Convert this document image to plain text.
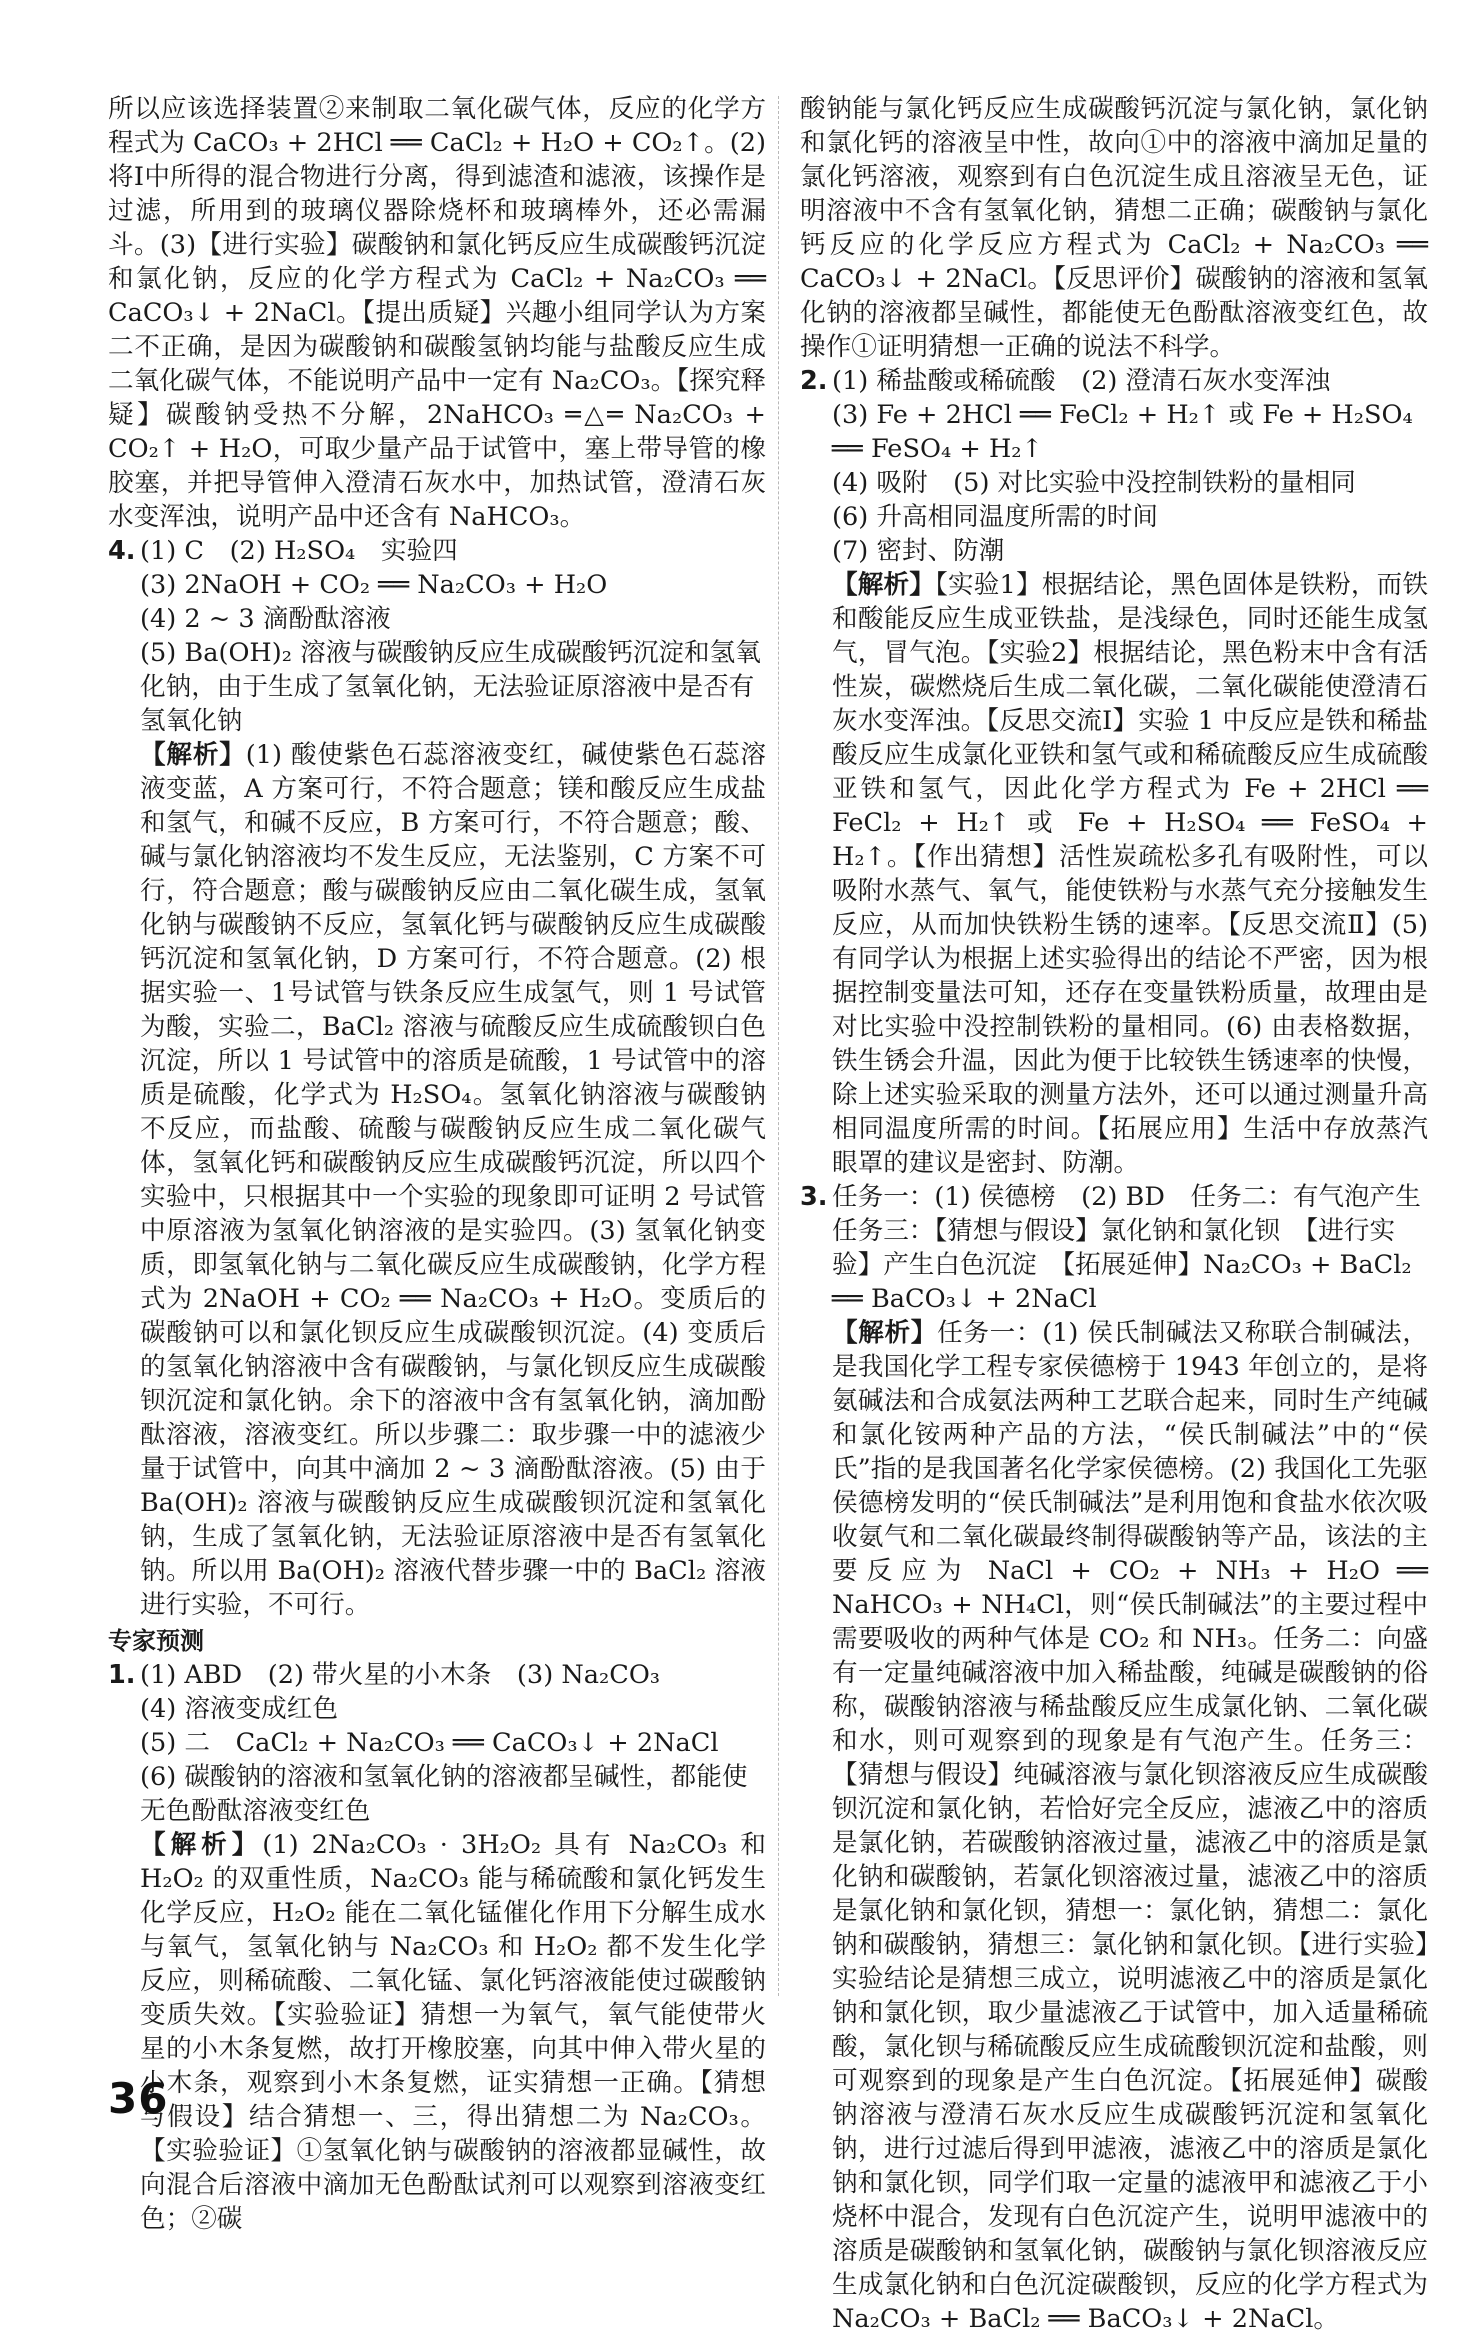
所以应该选择装置②来制取二氧化碳气体，反应的化学方程式为 CaCO₃ + 2HCl ══ CaCl₂ + H₂O + CO₂↑。(2) 将Ⅰ中所得的混合物进行分离，得到滤渣和滤液，该操作是过滤，所用到的玻璃仪器除烧杯和玻璃棒外，还必需漏斗。(3)【进行实验】碳酸钠和氯化钙反应生成碳酸钙沉淀和氯化钠，反应的化学方程式为 CaCl₂ + Na₂CO₃ ══ CaCO₃↓ + 2NaCl。【提出质疑】兴趣小组同学认为方案二不正确，是因为碳酸钠和碳酸氢钠均能与盐酸反应生成二氧化碳气体，不能说明产品中一定有 Na₂CO₃。【探究释疑】碳酸钠受热不分解，2NaHCO₃ ═△═ Na₂CO₃ + CO₂↑ + H₂O，可取少量产品于试管中，塞上带导管的橡胶塞，并把导管伸入澄清石灰水中，加热试管，澄清石灰水变浑浊，说明产品中还含有 NaHCO₃。

4. (1) C　(2) H₂SO₄　实验四

(3) 2NaOH + CO₂ ══ Na₂CO₃ + H₂O

(4) 2 ~ 3 滴酚酞溶液

(5) Ba(OH)₂ 溶液与碳酸钠反应生成碳酸钙沉淀和氢氧化钠，由于生成了氢氧化钠，无法验证原溶液中是否有氢氧化钠

【解析】(1) 酸使紫色石蕊溶液变红，碱使紫色石蕊溶液变蓝，A 方案可行，不符合题意；镁和酸反应生成盐和氢气，和碱不反应，B 方案可行，不符合题意；酸、碱与氯化钠溶液均不发生反应，无法鉴别，C 方案不可行，符合题意；酸与碳酸钠反应由二氧化碳生成，氢氧化钠与碳酸钠不反应，氢氧化钙与碳酸钠反应生成碳酸钙沉淀和氢氧化钠，D 方案可行，不符合题意。(2) 根据实验一、1号试管与铁条反应生成氢气，则 1 号试管为酸，实验二，BaCl₂ 溶液与硫酸反应生成硫酸钡白色沉淀，所以 1 号试管中的溶质是硫酸，1 号试管中的溶质是硫酸，化学式为 H₂SO₄。氢氧化钠溶液与碳酸钠不反应，而盐酸、硫酸与碳酸钠反应生成二氧化碳气体，氢氧化钙和碳酸钠反应生成碳酸钙沉淀，所以四个实验中，只根据其中一个实验的现象即可证明 2 号试管中原溶液为氢氧化钠溶液的是实验四。(3) 氢氧化钠变质，即氢氧化钠与二氧化碳反应生成碳酸钠，化学方程式为 2NaOH + CO₂ ══ Na₂CO₃ + H₂O。变质后的碳酸钠可以和氯化钡反应生成碳酸钡沉淀。(4) 变质后的氢氧化钠溶液中含有碳酸钠，与氯化钡反应生成碳酸钡沉淀和氯化钠。余下的溶液中含有氢氧化钠，滴加酚酞溶液，溶液变红。所以步骤二：取步骤一中的滤液少量于试管中，向其中滴加 2 ~ 3 滴酚酞溶液。(5) 由于 Ba(OH)₂ 溶液与碳酸钠反应生成碳酸钡沉淀和氢氧化钠，生成了氢氧化钠，无法验证原溶液中是否有氢氧化钠。所以用 Ba(OH)₂ 溶液代替步骤一中的 BaCl₂ 溶液进行实验，不可行。

专家预测

1. (1) ABD　(2) 带火星的小木条　(3) Na₂CO₃

(4) 溶液变成红色

(5) 二　CaCl₂ + Na₂CO₃ ══ CaCO₃↓ + 2NaCl

(6) 碳酸钠的溶液和氢氧化钠的溶液都呈碱性，都能使无色酚酞溶液变红色

【解析】(1) 2Na₂CO₃ · 3H₂O₂ 具有 Na₂CO₃ 和 H₂O₂ 的双重性质，Na₂CO₃ 能与稀硫酸和氯化钙发生化学反应，H₂O₂ 能在二氧化锰催化作用下分解生成水与氧气，氢氧化钠与 Na₂CO₃ 和 H₂O₂ 都不发生化学反应，则稀硫酸、二氧化锰、氯化钙溶液能使过碳酸钠变质失效。【实验验证】猜想一为氧气，氧气能使带火星的小木条复燃，故打开橡胶塞，向其中伸入带火星的小木条，观察到小木条复燃，证实猜想一正确。【猜想与假设】结合猜想一、三，得出猜想二为 Na₂CO₃。【实验验证】①氢氧化钠与碳酸钠的溶液都显碱性，故向混合后溶液中滴加无色酚酞试剂可以观察到溶液变红色；②碳

酸钠能与氯化钙反应生成碳酸钙沉淀与氯化钠，氯化钠和氯化钙的溶液呈中性，故向①中的溶液中滴加足量的氯化钙溶液，观察到有白色沉淀生成且溶液呈无色，证明溶液中不含有氢氧化钠，猜想二正确；碳酸钠与氯化钙反应的化学反应方程式为 CaCl₂ + Na₂CO₃ ══ CaCO₃↓ + 2NaCl。【反思评价】碳酸钠的溶液和氢氧化钠的溶液都呈碱性，都能使无色酚酞溶液变红色，故操作①证明猜想一正确的说法不科学。

2. (1) 稀盐酸或稀硫酸　(2) 澄清石灰水变浑浊

(3) Fe + 2HCl ══ FeCl₂ + H₂↑ 或 Fe + H₂SO₄ ══ FeSO₄ + H₂↑

(4) 吸附　(5) 对比实验中没控制铁粉的量相同

(6) 升高相同温度所需的时间

(7) 密封、防潮

【解析】【实验1】根据结论，黑色固体是铁粉，而铁和酸能反应生成亚铁盐，是浅绿色，同时还能生成氢气，冒气泡。【实验2】根据结论，黑色粉末中含有活性炭，碳燃烧后生成二氧化碳，二氧化碳能使澄清石灰水变浑浊。【反思交流Ⅰ】实验 1 中反应是铁和稀盐酸反应生成氯化亚铁和氢气或和稀硫酸反应生成硫酸亚铁和氢气，因此化学方程式为 Fe + 2HCl ══ FeCl₂ + H₂↑ 或 Fe + H₂SO₄ ══ FeSO₄ + H₂↑。【作出猜想】活性炭疏松多孔有吸附性，可以吸附水蒸气、氧气，能使铁粉与水蒸气充分接触发生反应，从而加快铁粉生锈的速率。【反思交流Ⅱ】(5) 有同学认为根据上述实验得出的结论不严密，因为根据控制变量法可知，还存在变量铁粉质量，故理由是对比实验中没控制铁粉的量相同。(6) 由表格数据，铁生锈会升温，因此为便于比较铁生锈速率的快慢，除上述实验采取的测量方法外，还可以通过测量升高相同温度所需的时间。【拓展应用】生活中存放蒸汽眼罩的建议是密封、防潮。

3. 任务一：(1) 侯德榜　(2) BD　任务二：有气泡产生　任务三：【猜想与假设】氯化钠和氯化钡　【进行实验】产生白色沉淀　【拓展延伸】Na₂CO₃ + BaCl₂ ══ BaCO₃↓ + 2NaCl

【解析】任务一：(1) 侯氏制碱法又称联合制碱法，是我国化学工程专家侯德榜于 1943 年创立的，是将氨碱法和合成氨法两种工艺联合起来，同时生产纯碱和氯化铵两种产品的方法，“侯氏制碱法”中的“侯氏”指的是我国著名化学家侯德榜。(2) 我国化工先驱侯德榜发明的“侯氏制碱法”是利用饱和食盐水依次吸收氨气和二氧化碳最终制得碳酸钠等产品，该法的主要反应为 NaCl + CO₂ + NH₃ + H₂O ══ NaHCO₃ + NH₄Cl，则“侯氏制碱法”的主要过程中需要吸收的两种气体是 CO₂ 和 NH₃。任务二：向盛有一定量纯碱溶液中加入稀盐酸，纯碱是碳酸钠的俗称，碳酸钠溶液与稀盐酸反应生成氯化钠、二氧化碳和水，则可观察到的现象是有气泡产生。任务三：【猜想与假设】纯碱溶液与氯化钡溶液反应生成碳酸钡沉淀和氯化钠，若恰好完全反应，滤液乙中的溶质是氯化钠，若碳酸钠溶液过量，滤液乙中的溶质是氯化钠和碳酸钠，若氯化钡溶液过量，滤液乙中的溶质是氯化钠和氯化钡，猜想一：氯化钠，猜想二：氯化钠和碳酸钠，猜想三：氯化钠和氯化钡。【进行实验】实验结论是猜想三成立，说明滤液乙中的溶质是氯化钠和氯化钡，取少量滤液乙于试管中，加入适量稀硫酸，氯化钡与稀硫酸反应生成硫酸钡沉淀和盐酸，则可观察到的现象是产生白色沉淀。【拓展延伸】碳酸钠溶液与澄清石灰水反应生成碳酸钙沉淀和氢氧化钠，进行过滤后得到甲滤液，滤液乙中的溶质是氯化钠和氯化钡，同学们取一定量的滤液甲和滤液乙于小烧杯中混合，发现有白色沉淀产生，说明甲滤液中的溶质是碳酸钠和氢氧化钠，碳酸钠与氯化钡溶液反应生成氯化钠和白色沉淀碳酸钡，反应的化学方程式为 Na₂CO₃ + BaCl₂ ══ BaCO₃↓ + 2NaCl。

36
